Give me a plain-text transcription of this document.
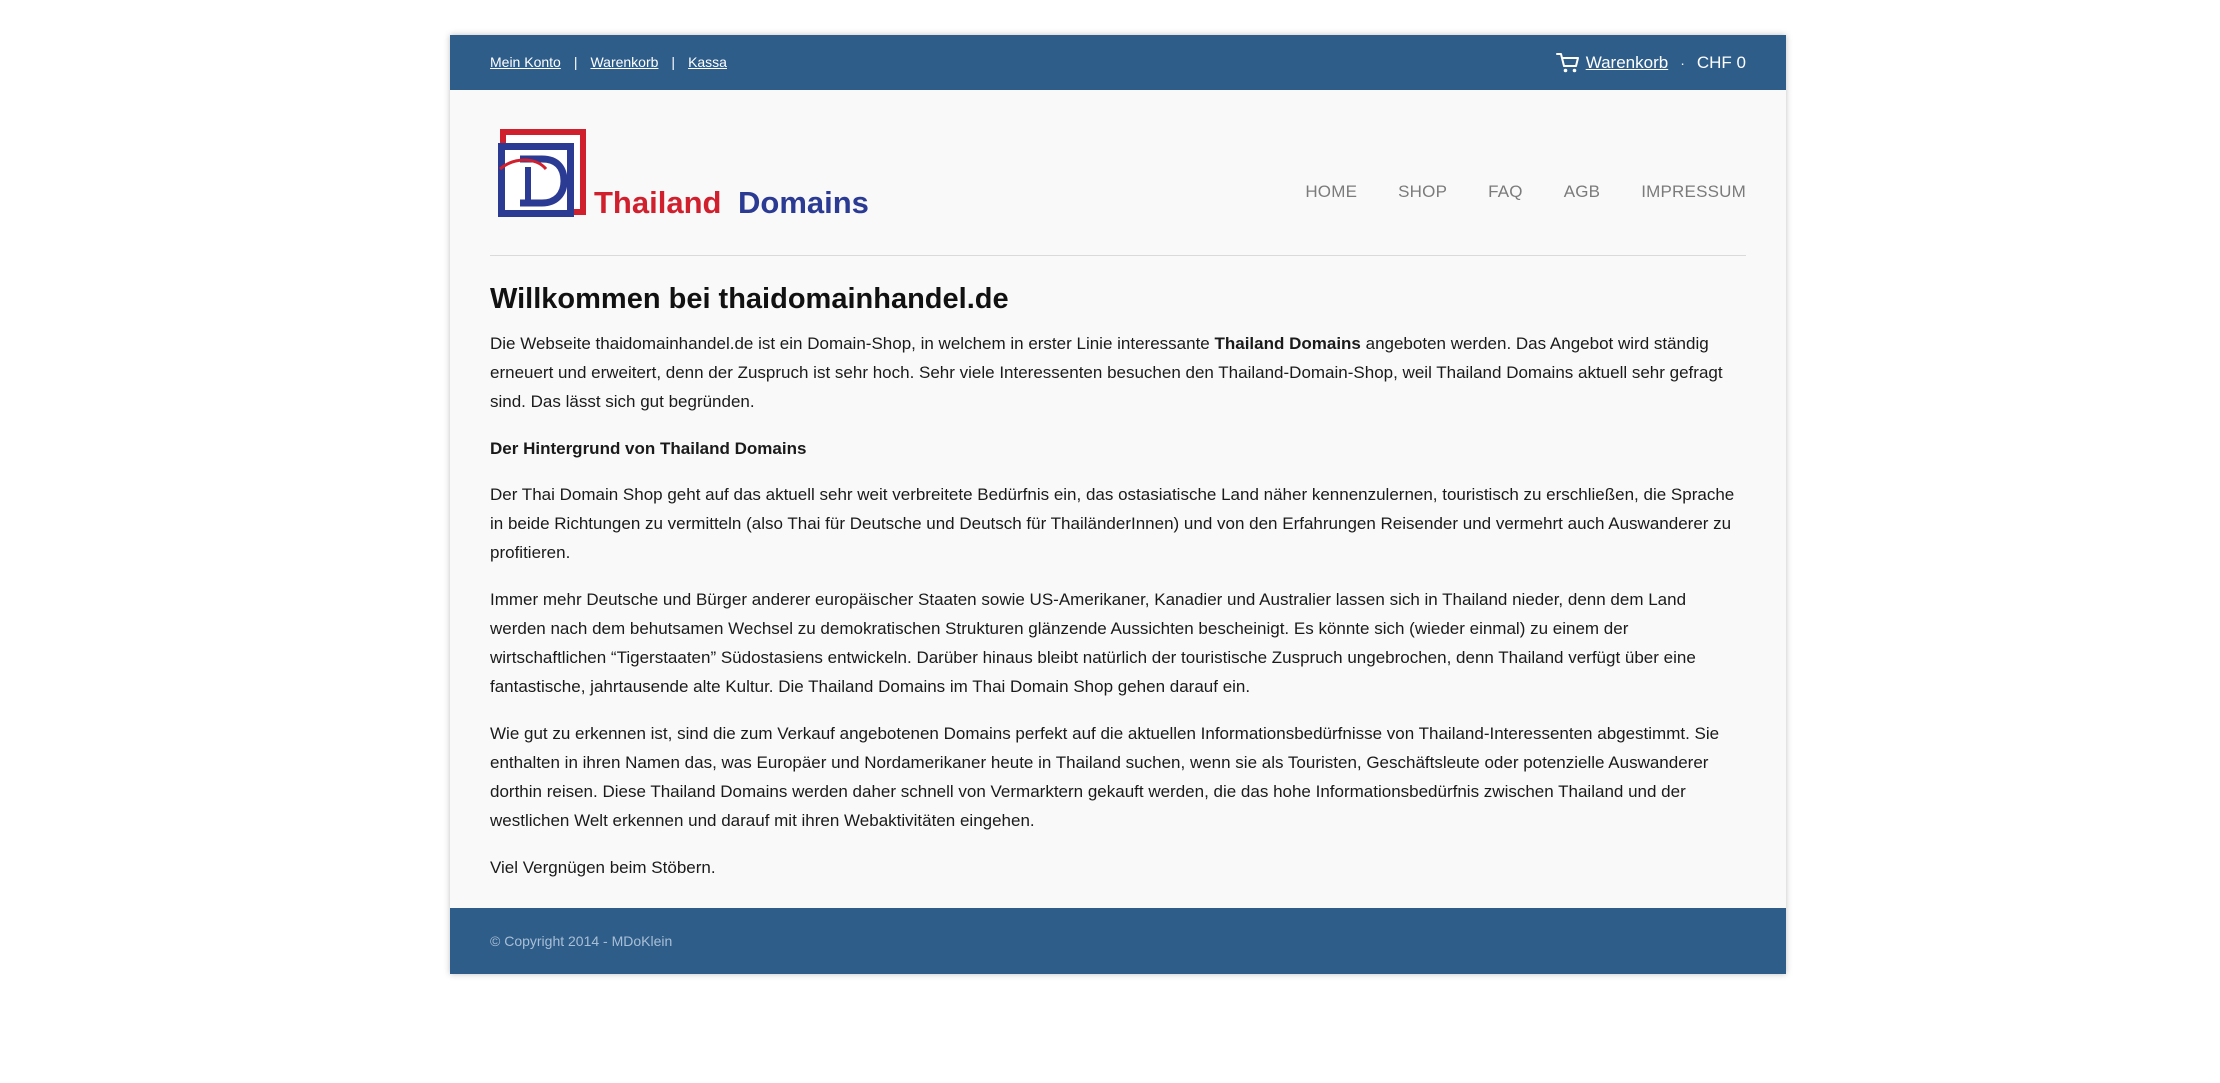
Mein Konto | Warenkorb | Kassa	Warenkorb · CHF 0
Thailand Domains	HOME SHOP FAQ AGB IMPRESSUM
Willkommen bei thaidomainhandel.de

Die Webseite thaidomainhandel.de ist ein Domain-Shop, in welchem in erster Linie interessante Thailand Domains angeboten werden. Das Angebot wird ständig erneuert und erweitert, denn der Zuspruch ist sehr hoch. Sehr viele Interessenten besuchen den Thailand-Domain-Shop, weil Thailand Domains aktuell sehr gefragt sind. Das lässt sich gut begründen.

Der Hintergrund von Thailand Domains

Der Thai Domain Shop geht auf das aktuell sehr weit verbreitete Bedürfnis ein, das ostasiatische Land näher kennenzulernen, touristisch zu erschließen, die Sprache in beide Richtungen zu vermitteln (also Thai für Deutsche und Deutsch für ThailänderInnen) und von den Erfahrungen Reisender und vermehrt auch Auswanderer zu profitieren.

Immer mehr Deutsche und Bürger anderer europäischer Staaten sowie US-Amerikaner, Kanadier und Australier lassen sich in Thailand nieder, denn dem Land werden nach dem behutsamen Wechsel zu demokratischen Strukturen glänzende Aussichten bescheinigt. Es könnte sich (wieder einmal) zu einem der wirtschaftlichen “Tigerstaaten” Südostasiens entwickeln. Darüber hinaus bleibt natürlich der touristische Zuspruch ungebrochen, denn Thailand verfügt über eine fantastische, jahrtausende alte Kultur. Die Thailand Domains im Thai Domain Shop gehen darauf ein.

Wie gut zu erkennen ist, sind die zum Verkauf angebotenen Domains perfekt auf die aktuellen Informationsbedürfnisse von Thailand-Interessenten abgestimmt. Sie enthalten in ihren Namen das, was Europäer und Nordamerikaner heute in Thailand suchen, wenn sie als Touristen, Geschäftsleute oder potenzielle Auswanderer dorthin reisen. Diese Thailand Domains werden daher schnell von Vermarktern gekauft werden, die das hohe Informationsbedürfnis zwischen Thailand und der westlichen Welt erkennen und darauf mit ihren Webaktivitäten eingehen.

Viel Vergnügen beim Stöbern.

© Copyright 2014 - MDoKlein
